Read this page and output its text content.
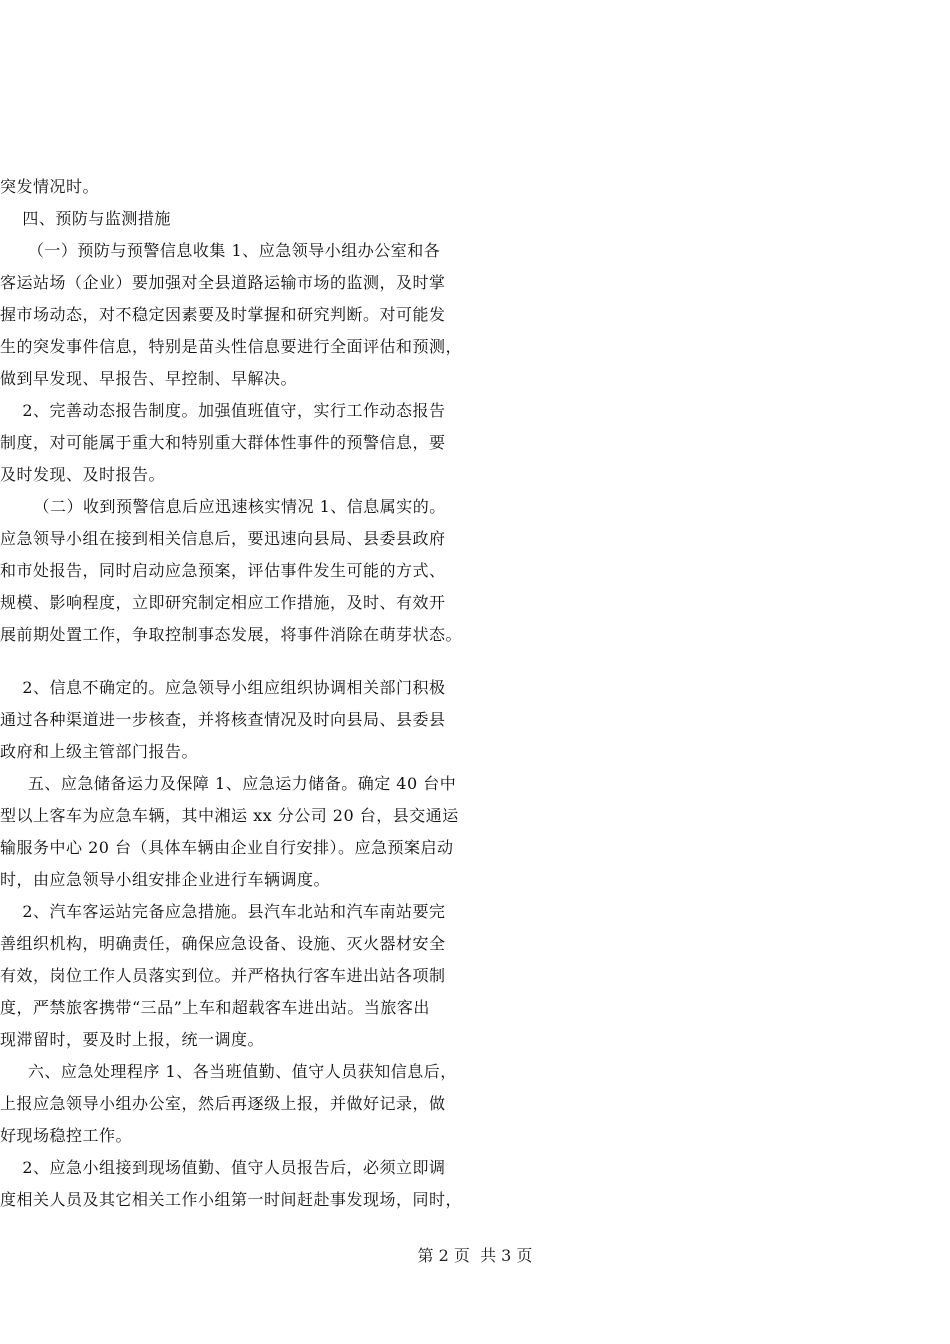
突发情况时。
四、预防与监测措施
（一）预防与预警信息收集 1、应急领导小组办公室和各
客运站场（企业）要加强对全县道路运输市场的监测，及时掌
握市场动态，对不稳定因素要及时掌握和研究判断。对可能发
生的突发事件信息，特别是苗头性信息要进行全面评估和预测，
做到早发现、早报告、早控制、早解决。
2、完善动态报告制度。加强值班值守，实行工作动态报告
制度，对可能属于重大和特别重大群体性事件的预警信息，要
及时发现、及时报告。
（二）收到预警信息后应迅速核实情况 1、信息属实的。
应急领导小组在接到相关信息后，要迅速向县局、县委县政府
和市处报告，同时启动应急预案，评估事件发生可能的方式、
规模、影响程度，立即研究制定相应工作措施，及时、有效开
展前期处置工作，争取控制事态发展，将事件消除在萌芽状态。
2、信息不确定的。应急领导小组应组织协调相关部门积极
通过各种渠道进一步核查，并将核查情况及时向县局、县委县
政府和上级主管部门报告。
五、应急储备运力及保障 1、应急运力储备。确定 40 台中
型以上客车为应急车辆，其中湘运 xx 分公司 20 台，县交通运
输服务中心 20 台（具体车辆由企业自行安排）。应急预案启动
时，由应急领导小组安排企业进行车辆调度。
2、汽车客运站完备应急措施。县汽车北站和汽车南站要完
善组织机构，明确责任，确保应急设备、设施、灭火器材安全
有效，岗位工作人员落实到位。并严格执行客车进出站各项制
度，严禁旅客携带“三品”上车和超载客车进出站。当旅客出
现滞留时，要及时上报，统一调度。
六、应急处理程序 1、各当班值勤、值守人员获知信息后，
上报应急领导小组办公室，然后再逐级上报，并做好记录，做
好现场稳控工作。
2、应急小组接到现场值勤、值守人员报告后，必须立即调
度相关人员及其它相关工作小组第一时间赶赴事发现场，同时，
第 2 页  共 3 页
